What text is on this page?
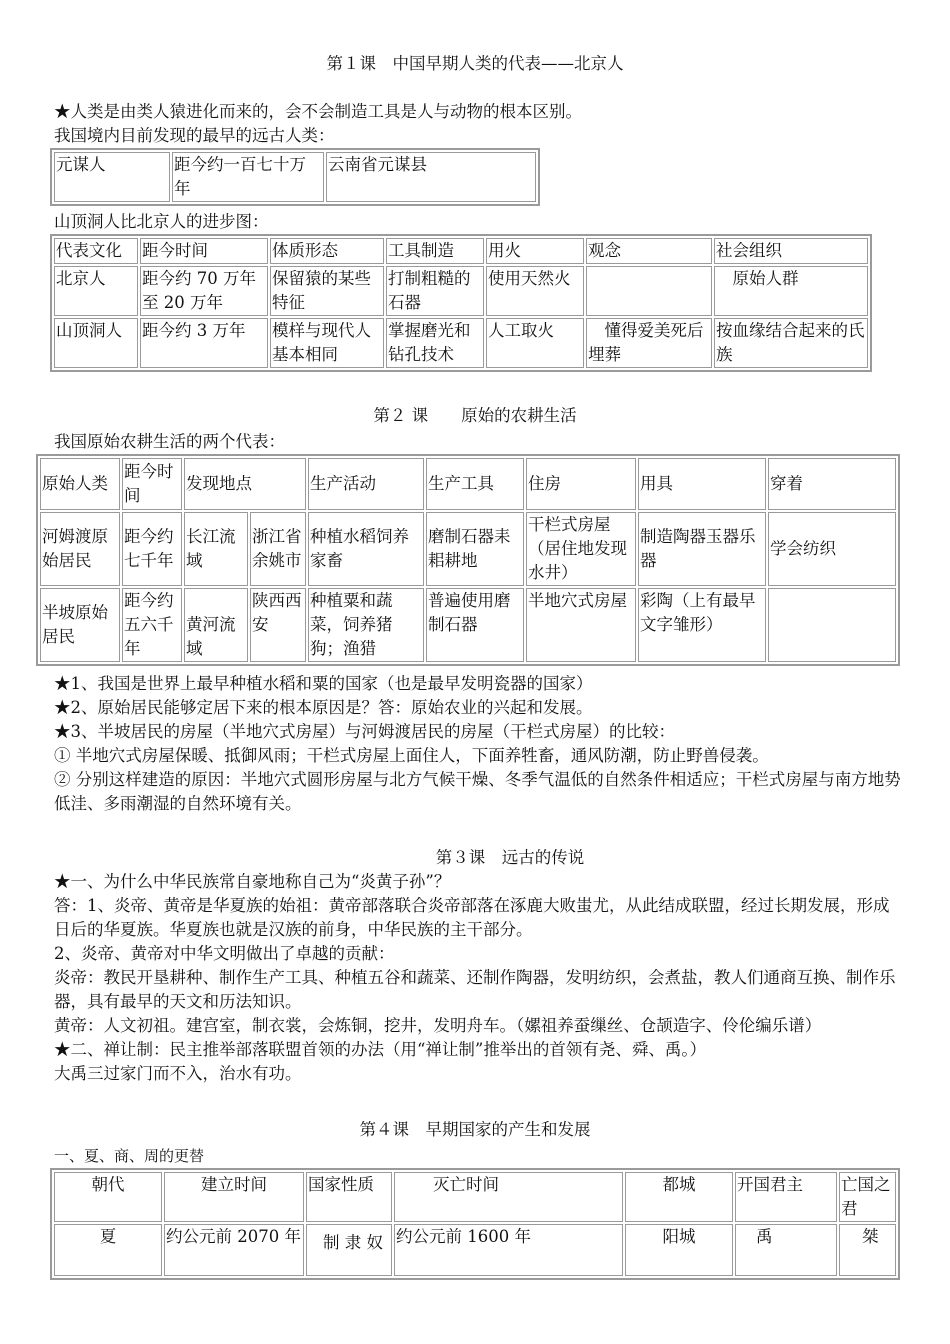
第１课　中国早期人类的代表——北京人
★人类是由类人猿进化而来的，会不会制造工具是人与动物的根本区别。
我国境内目前发现的最早的远古人类：
元谋人	距今约一百七十万年	云南省元谋县
山顶洞人比北京人的进步图：
代表文化	距今时间	体质形态	工具制造	用火	观念	社会组织
北京人	距今约 70 万年至 20 万年	保留猿的某些特征	打制粗糙的石器	使用天然火		　原始人群
山顶洞人	距今约 3 万年	模样与现代人基本相同	掌握磨光和钻孔技术	人工取火	　懂得爱美死后埋葬	按血缘结合起来的氏族
第２ 课　　原始的农耕生活
我国原始农耕生活的两个代表：
原始人类	距今时间	发现地点		生产活动	生产工具	住房	用具	穿着
河姆渡原始居民	距今约七千年	长江流域	浙江省余姚市	种植水稻饲养家畜	磨制石器耒耜耕地	干栏式房屋（居住地发现水井）	制造陶器玉器乐器	学会纺织
半坡原始居民	距今约五六千年	黄河流域	陕西西安	种植粟和蔬菜，饲养猪狗；渔猎	普遍使用磨制石器	半地穴式房屋	彩陶（上有最早文字雏形）	
★1、我国是世界上最早种植水稻和粟的国家（也是最早发明瓷器的国家）
★2、原始居民能够定居下来的根本原因是？答：原始农业的兴起和发展。
★3、半坡居民的房屋（半地穴式房屋）与河姆渡居民的房屋（干栏式房屋）的比较：
① 半地穴式房屋保暖、抵御风雨；干栏式房屋上面住人，下面养牲畜，通风防潮，防止野兽侵袭。
② 分别这样建造的原因：半地穴式圆形房屋与北方气候干燥、冬季气温低的自然条件相适应；干栏式房屋与南方地势低洼、多雨潮湿的自然环境有关。
第３课　远古的传说
★一、为什么中华民族常自豪地称自己为“炎黄子孙”？
答：1、炎帝、黄帝是华夏族的始祖：黄帝部落联合炎帝部落在涿鹿大败蚩尤，从此结成联盟，经过长期发展，形成日后的华夏族。华夏族也就是汉族的前身，中华民族的主干部分。
2、炎帝、黄帝对中华文明做出了卓越的贡献：
炎帝：教民开垦耕种、制作生产工具、种植五谷和蔬菜、还制作陶器，发明纺织，会煮盐，教人们通商互换、制作乐器，具有最早的天文和历法知识。
黄帝：人文初祖。建宫室，制衣裳，会炼铜，挖井，发明舟车。（嫘祖养蚕缫丝、仓颉造字、伶伦编乐谱）
★二、禅让制：民主推举部落联盟首领的办法（用“禅让制”推举出的首领有尧、舜、禹。）
大禹三过家门而不入，治水有功。
第４课　早期国家的产生和发展
一、夏、商、周的更替
朝代	建立时间	国家性质	灭亡时间	都城	开国君主	亡国之君
夏	约公元前 2070 年	制 隶 奴	约公元前 1600 年	阳城	禹	桀
